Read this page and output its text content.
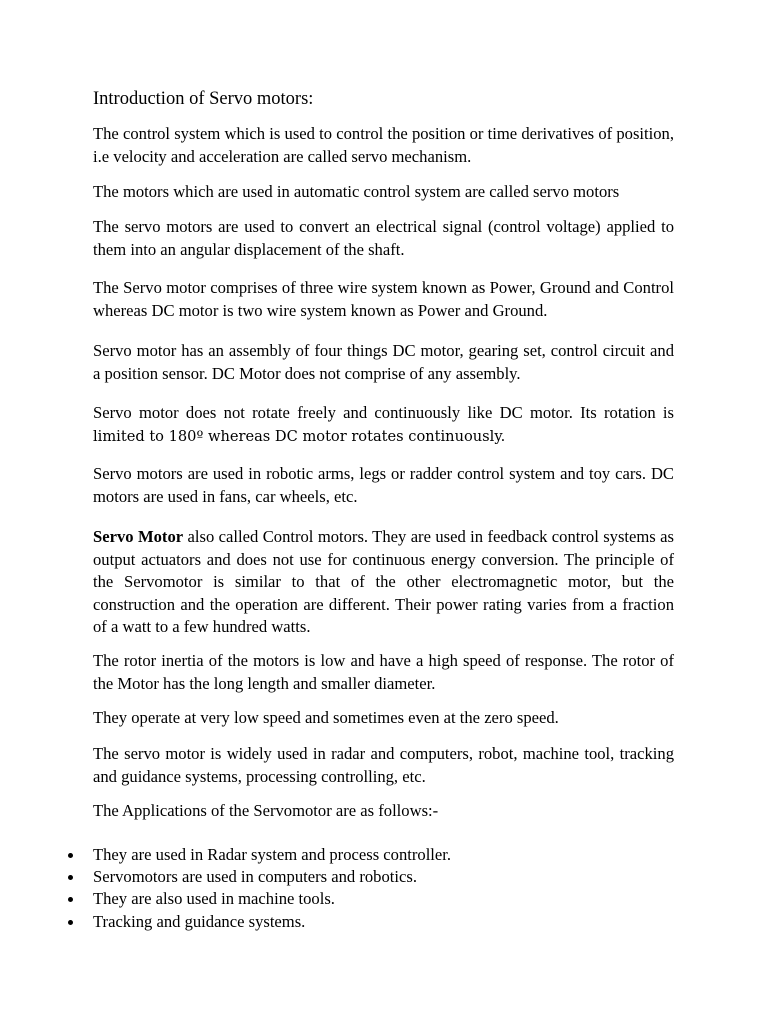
Introduction of Servo motors:

The control system which is used to control the position or time derivatives of position, i.e velocity and acceleration are called servo mechanism.

The motors which are used in automatic control system are called servo motors

The servo motors are used to convert an electrical signal (control voltage) applied to them into an angular displacement of the shaft.

The Servo motor comprises of three wire system known as Power, Ground and Control whereas DC motor is two wire system known as Power and Ground.

Servo motor has an assembly of four things DC motor, gearing set, control circuit and a position sensor. DC Motor does not comprise of any assembly.

Servo motor does not rotate freely and continuously like DC motor. Its rotation is limited to 180º whereas DC motor rotates continuously.

Servo motors are used in robotic arms, legs or radder control system and toy cars. DC motors are used in fans, car wheels, etc.

Servo Motor also called Control motors. They are used in feedback control systems as output actuators and does not use for continuous energy conversion. The principle of the Servomotor is similar to that of the other electromagnetic motor, but the construction and the operation are different. Their power rating varies from a fraction of a watt to a few hundred watts.

The rotor inertia of the motors is low and have a high speed of response. The rotor of the Motor has the long length and smaller diameter.

They operate at very low speed and sometimes even at the zero speed.

The servo motor is widely used in radar and computers, robot, machine tool, tracking and guidance systems, processing controlling, etc.

The Applications of the Servomotor are as follows:-

They are used in Radar system and process controller.
Servomotors are used in computers and robotics.
They are also used in machine tools.
Tracking and guidance systems.
